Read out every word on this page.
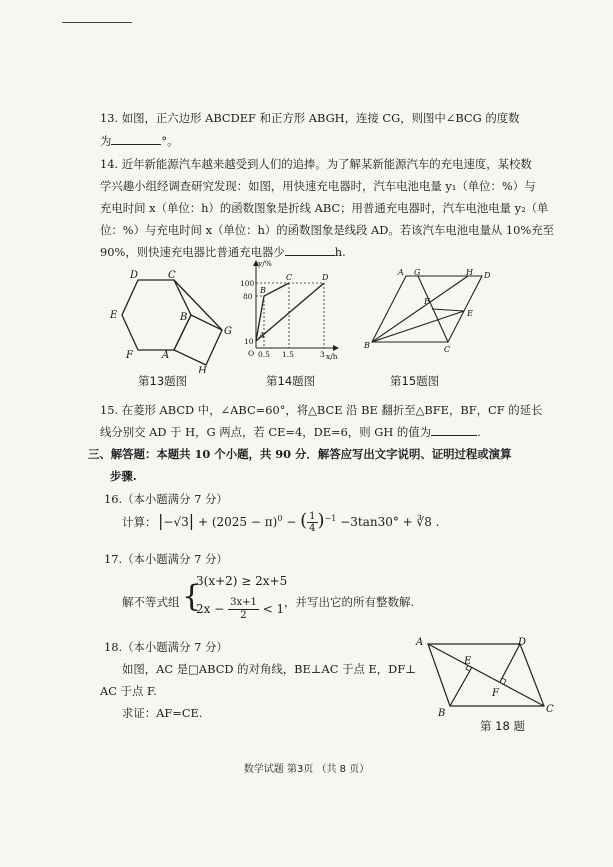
13. 如图，正六边形 ABCDEF 和正方形 ABGH，连接 CG，则图中∠BCG 的度数
为	°。
14. 近年新能源汽车越来越受到人们的追捧。为了解某新能源汽车的充电速度，某校数
学兴趣小组经调查研究发现：如图，用快速充电器时，汽车电池电量 y₁（单位：%）与
充电时间 x（单位：h）的函数图象是折线 ABC；用普通充电器时，汽车电池电量 y₂（单
位：%）与充电时间 x（单位：h）的函数图象是线段 AD。若该汽车电池电量从 10%充至
90%，则快速充电器比普通充电器少	h.
D	C
E	B
G
F	A
H
第13题图
y/%
x/h
100
80
10
0.5 1.5	3
O
A
B
C	D
第14题图
A G	H D
F
E
B	C
第15题图
15. 在菱形 ABCD 中，∠ABC=60°，将△BCE 沿 BE 翻折至△BFE，BF，CF 的延长
线分别交 AD 于 H，G 两点，若 CE=4，DE=6，则 GH 的值为	.
三、解答题：本题共 10 个小题，共 90 分．解答应写出文字说明、证明过程或演算
步骤.
16.（本小题满分 7 分）
计算： $|-√3| + (2025 - \pi)^0$ − ( $\frac{1}{4} )^{-1} -3\tan 30^\circ$ + ∛8 .
17.（本小题满分 7 分）
解不等式组 {
3(x+2) ≥ 2x+5
$2x - \frac{3x+1}{2} < 1$ ，并写出它的所有整数解.
18.（本小题满分 7 分）
如图，AC 是□ABCD 的对角线，BE⊥AC 于点 E，DF⊥
AC 于点 F.
求证：AF=CE.
A	D
E
F
B	C
第 18 题
数学试题 第3页 （共 8 页）
